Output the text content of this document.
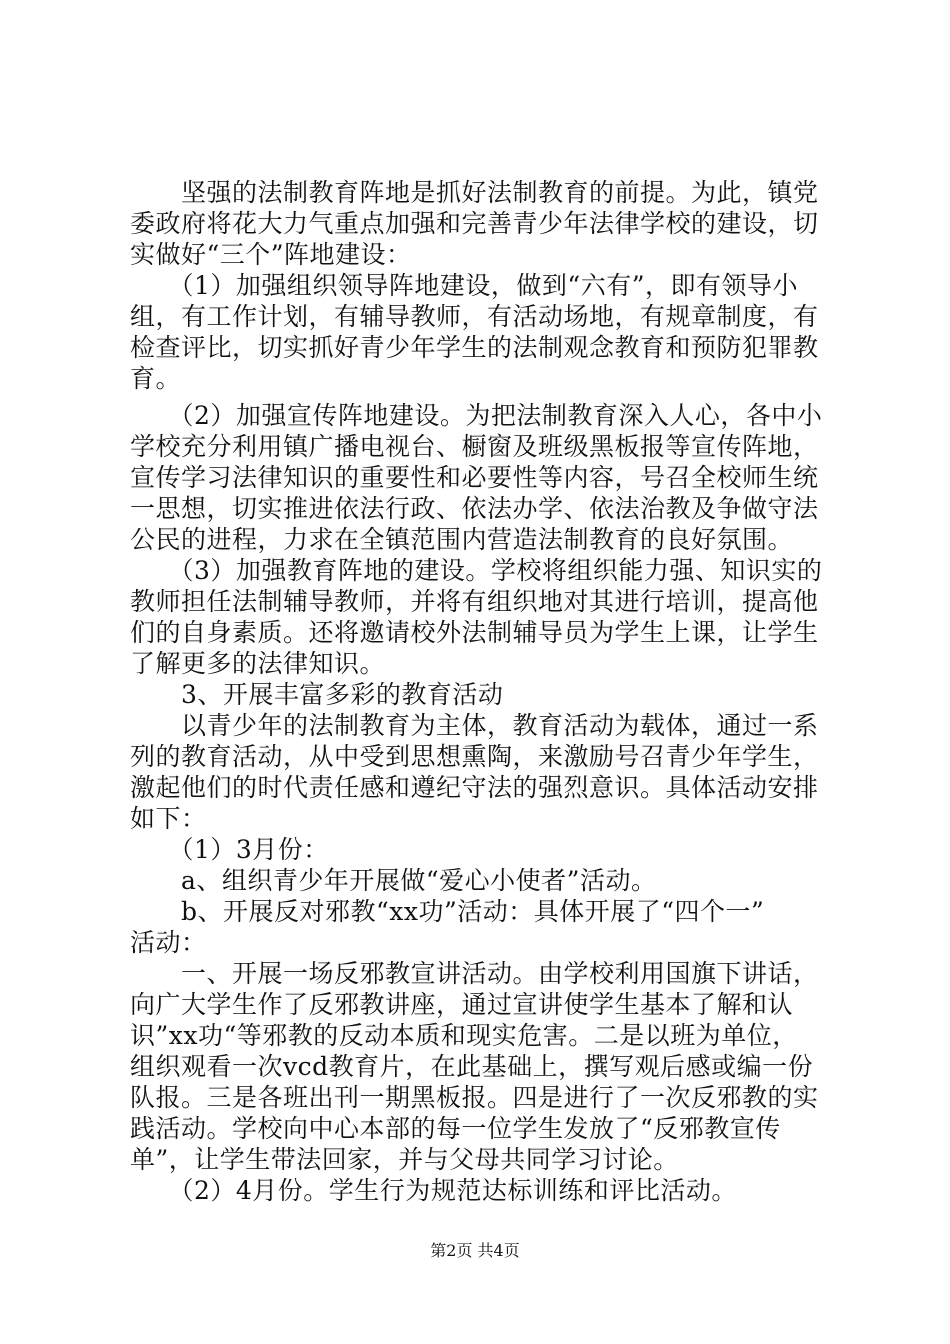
　　坚强的法制教育阵地是抓好法制教育的前提。为此，镇党
委政府将花大力气重点加强和完善青少年法律学校的建设，切
实做好“三个”阵地建设：
　　（1）加强组织领导阵地建设，做到“六有”，即有领导小
组，有工作计划，有辅导教师，有活动场地，有规章制度，有
检查评比，切实抓好青少年学生的法制观念教育和预防犯罪教
育。
　　（2）加强宣传阵地建设。为把法制教育深入人心，各中小
学校充分利用镇广播电视台、橱窗及班级黑板报等宣传阵地，
宣传学习法律知识的重要性和必要性等内容，号召全校师生统
一思想，切实推进依法行政、依法办学、依法治教及争做守法
公民的进程，力求在全镇范围内营造法制教育的良好氛围。
　　（3）加强教育阵地的建设。学校将组织能力强、知识实的
教师担任法制辅导教师，并将有组织地对其进行培训，提高他
们的自身素质。还将邀请校外法制辅导员为学生上课，让学生
了解更多的法律知识。
　　3、开展丰富多彩的教育活动
　　以青少年的法制教育为主体，教育活动为载体，通过一系
列的教育活动，从中受到思想熏陶，来激励号召青少年学生，
激起他们的时代责任感和遵纪守法的强烈意识。具体活动安排
如下：
　　（1）3月份：
　　a、组织青少年开展做“爱心小使者”活动。
　　b、开展反对邪教“xx功”活动：具体开展了“四个一”
活动：
　　一、开展一场反邪教宣讲活动。由学校利用国旗下讲话，
向广大学生作了反邪教讲座，通过宣讲使学生基本了解和认
识”xx功“等邪教的反动本质和现实危害。二是以班为单位，
组织观看一次vcd教育片，在此基础上，撰写观后感或编一份
队报。三是各班出刊一期黑板报。四是进行了一次反邪教的实
践活动。学校向中心本部的每一位学生发放了“反邪教宣传
单”，让学生带法回家，并与父母共同学习讨论。
　　（2）4月份。学生行为规范达标训练和评比活动。
第2页 共4页
